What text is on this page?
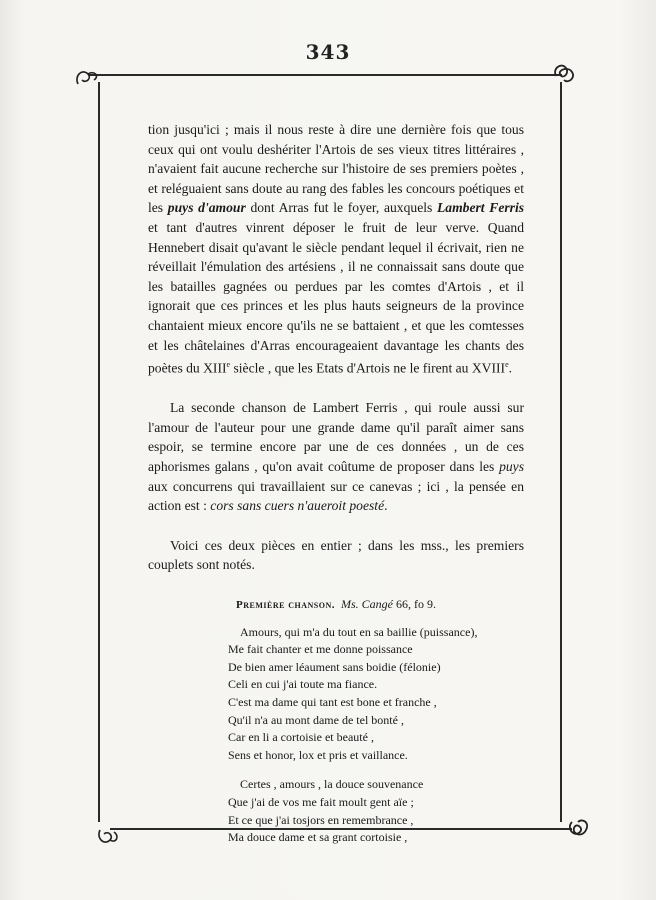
343

tion jusqu'ici ; mais il nous reste à dire une dernière fois que tous ceux qui ont voulu deshériter l'Artois de ses vieux titres littéraires , n'avaient fait aucune recherche sur l'histoire de ses premiers poètes , et reléguaient sans doute au rang des fables les concours poétiques et les puys d'amour dont Arras fut le foyer, auxquels Lambert Ferris et tant d'autres vinrent déposer le fruit de leur verve. Quand Hennebert disait qu'avant le siècle pendant lequel il écrivait, rien ne réveillait l'émulation des artésiens , il ne connaissait sans doute que les batailles gagnées ou perdues par les comtes d'Artois , et il ignorait que ces princes et les plus hauts seigneurs de la province chantaient mieux encore qu'ils ne se battaient , et que les comtesses et les châtelaines d'Arras encourageaient davantage les chants des poètes du XIIIe siècle , que les Etats d'Artois ne le firent au XVIIIe.

La seconde chanson de Lambert Ferris , qui roule aussi sur l'amour de l'auteur pour une grande dame qu'il paraît aimer sans espoir, se termine encore par une de ces données , un de ces aphorismes galans , qu'on avait coûtume de proposer dans les puys aux concurrens qui travaillaient sur ce canevas ; ici , la pensée en action est : cors sans cuers n'aueroit poesté.

Voici ces deux pièces en entier ; dans les mss., les premiers couplets sont notés.

Première chanson. Ms. Cangé 66, fo 9.
Amours, qui m'a du tout en sa baillie (puissance),
Me fait chanter et me donne poissance
De bien amer léaument sans boidie (félonie)
Celi en cui j'ai toute ma fiance.
C'est ma dame qui tant est bone et franche ,
Qu'il n'a au mont dame de tel bonté ,
Car en li a cortoisie et beauté ,
Sens et honor, lox et pris et vaillance.
Certes , amours , la douce souvenance
Que j'ai de vos me fait moult gent aïe ;
Et ce que j'ai tosjors en remembrance ,
Ma douce dame et sa grant cortoisie ,
